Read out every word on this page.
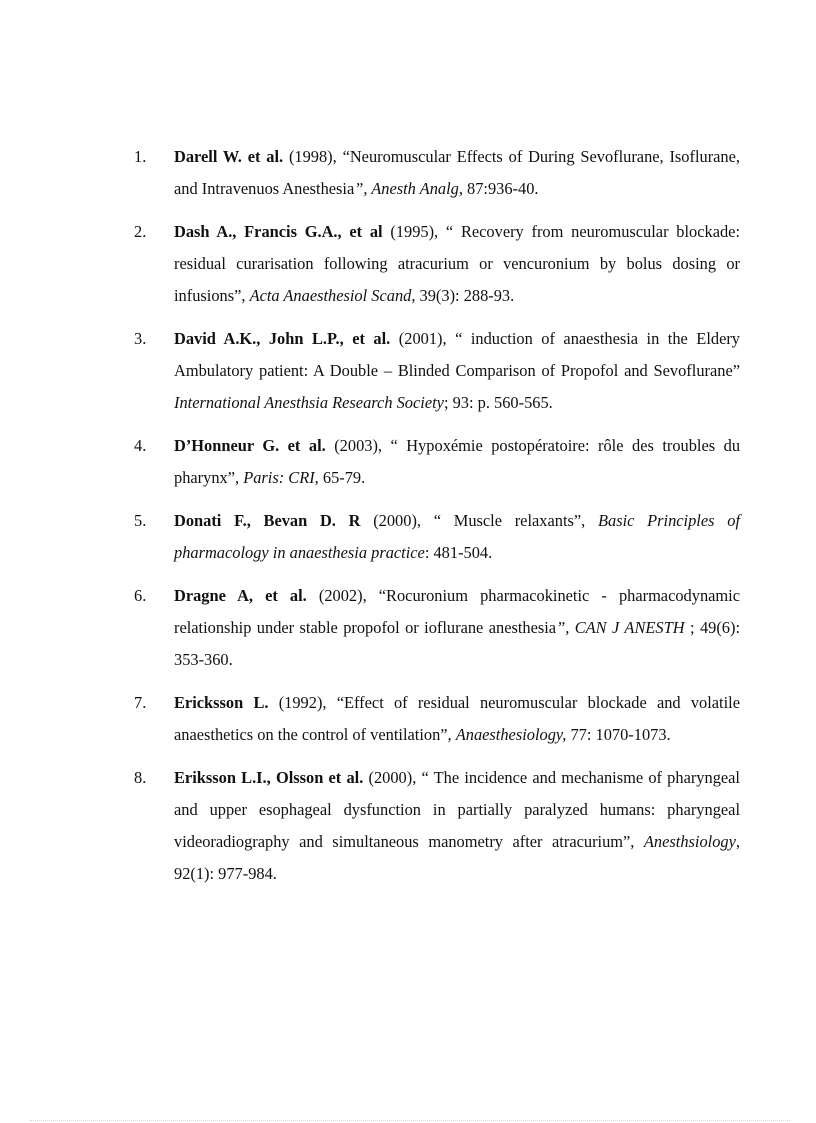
1. Darell W. et al. (1998), “Neuromuscular Effects of During Sevoflurane, Isoflurane, and Intravenuos Anesthesia”, Anesth Analg, 87:936-40.
2. Dash A., Francis G.A., et al (1995), “ Recovery from neuromuscular blockade: residual curarisation following atracurium or vencuronium by bolus dosing or infusions”, Acta Anaesthesiol Scand, 39(3): 288-93.
3. David A.K., John L.P., et al. (2001), “ induction of anaesthesia in the Eldery Ambulatory patient: A Double – Blinded Comparison of Propofol and Sevoflurane” International Anesthsia Research Society; 93: p. 560-565.
4. D’Honneur G. et al. (2003), “ Hypoxémie postopératoire: rôle des troubles du pharynx”, Paris: CRI, 65-79.
5. Donati F., Bevan D. R (2000), “ Muscle relaxants”, Basic Principles of pharmacology in anaesthesia practice: 481-504.
6. Dragne A, et al. (2002), “Rocuronium pharmacokinetic - pharmacodynamic relationship under stable propofol or ioflurane anesthesia”, CAN J ANESTH ; 49(6): 353-360.
7. Ericksson L. (1992), “Effect of residual neuromuscular blockade and volatile anaesthetics on the control of ventilation”, Anaesthesiology, 77: 1070-1073.
8. Eriksson L.I., Olsson et al. (2000), “ The incidence and mechanisme of pharyngeal and upper esophageal dysfunction in partially paralyzed humans: pharyngeal videoradiography and simultaneous manometry after atracurium”, Anesthsiology, 92(1): 977-984.
